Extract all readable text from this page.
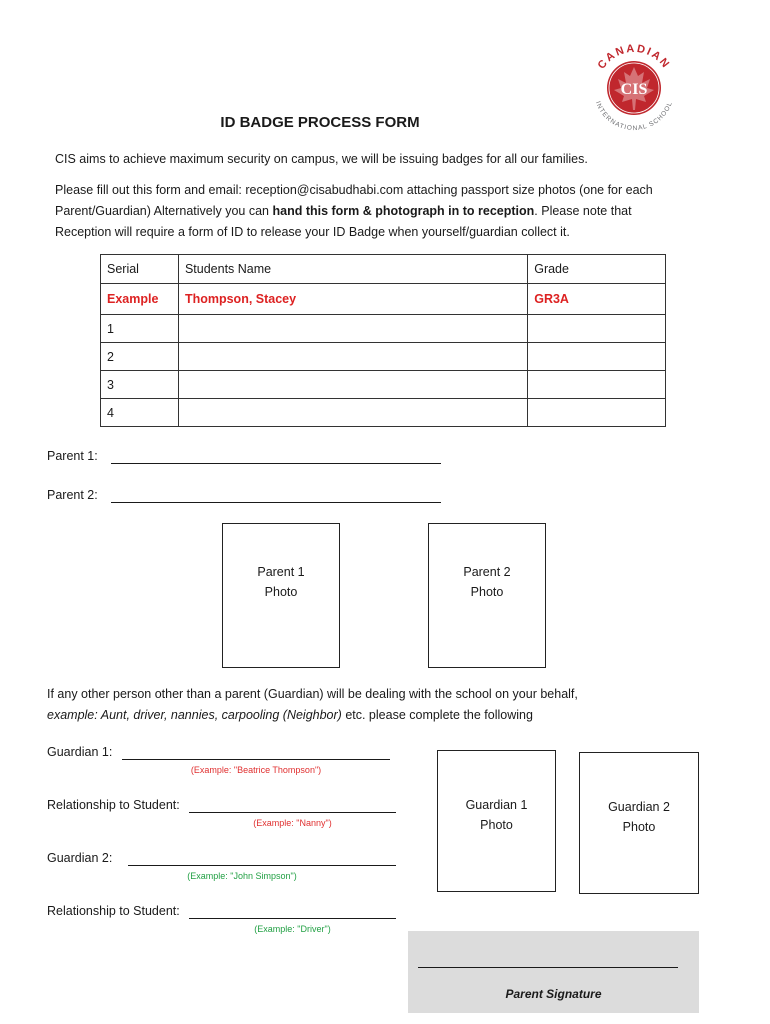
CIS
CANADIAN
INTERNATIONAL SCHOOL
ID BADGE PROCESS FORM
CIS aims to achieve maximum security on campus, we will be issuing badges for all our families.
Please fill out this form and email: reception@cisabudhabi.com attaching passport size photos (one for each
Parent/Guardian) Alternatively you can hand this form & photograph in to reception. Please note that
Reception will require a form of ID to release your ID Badge when yourself/guardian collect it.
Serial	Students Name	Grade
Example	Thompson, Stacey	GR3A
1		
2		
3		
4		
Parent 1:
Parent 2:
Parent 1
Photo
Parent 2
Photo
If any other person other than a parent (Guardian) will be dealing with the school on your behalf,
example: Aunt, driver, nannies, carpooling (Neighbor) etc. please complete the following
Guardian 1:
(Example: "Beatrice Thompson")
Relationship to Student:
(Example: "Nanny")
Guardian 2:
(Example: "John Simpson")
Relationship to Student:
(Example: "Driver")
Guardian 1
Photo
Guardian 2
Photo
Parent Signature
